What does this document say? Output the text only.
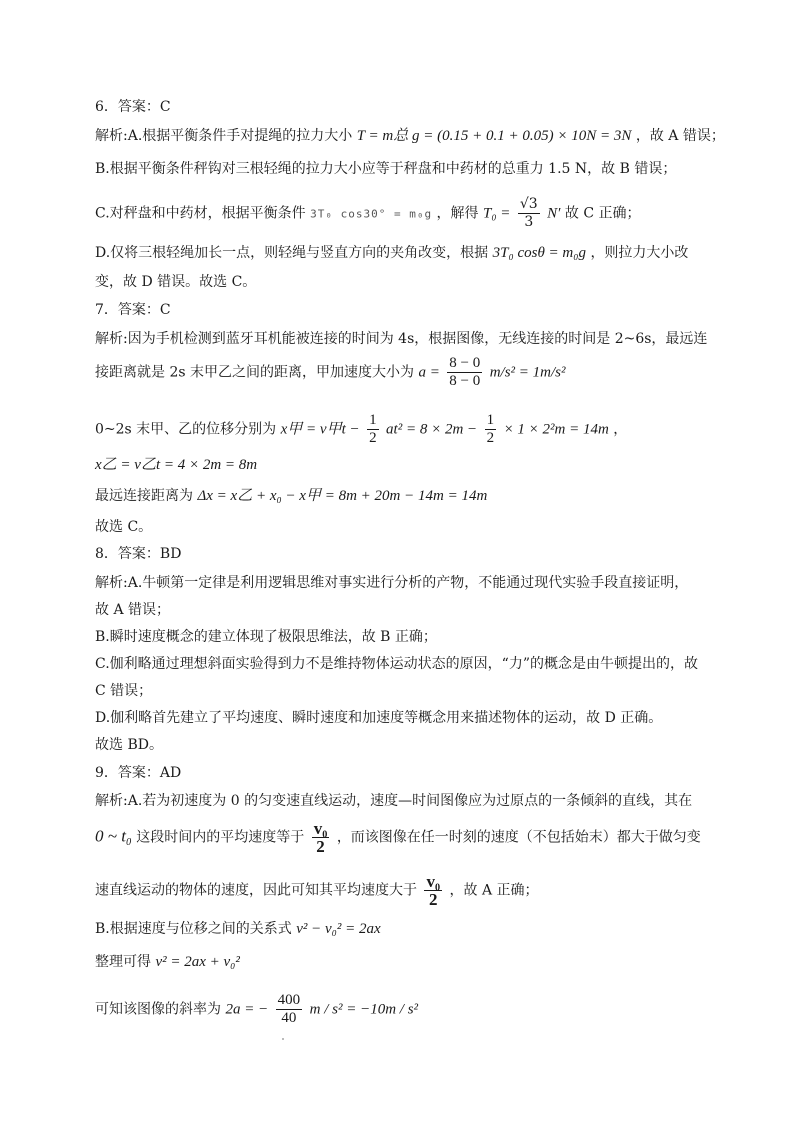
6．答案：C
解析:A.根据平衡条件手对提绳的拉力大小 T = m总 g = (0.15 + 0.1 + 0.05) × 10N = 3N ，故 A 错误；
B.根据平衡条件秤钩对三根轻绳的拉力大小应等于秤盘和中药材的总重力 1.5 N，故 B 错误；
C.对秤盘和中药材，根据平衡条件 3T₀ cos30° = m₀g ，解得 $T_0 = \frac{√3}{3} N'$ 故 C 正确；
D.仅将三根轻绳加长一点，则轻绳与竖直方向的夹角改变，根据 3T₀ cosθ = m₀g ，则拉力大小改
变，故 D 错误。故选 C。
7．答案：C
解析:因为手机检测到蓝牙耳机能被连接的时间为 4s，根据图像，无线连接的时间是 2~6s，最远连
接距离就是 2s 末甲乙之间的距离，甲加速度大小为 $a = \frac{8 - 0}{8 - 0} m/s^2 = 1m/s^2$
0~2s 末甲、乙的位移分别为 x甲 = v甲$t - \frac{1}{2} at^2 = 8 \times 2m - \frac{1}{2} \times 1 \times 2^2m = 14m$ ，
x乙 = v乙t = 4 × 2m = 8m
最远连接距离为 Δx = x乙 + x₀ − x甲 = 8m + 20m − 14m = 14m
故选 C。
8．答案：BD
解析:A.牛顿第一定律是利用逻辑思维对事实进行分析的产物，不能通过现代实验手段直接证明，
故 A 错误；
B.瞬时速度概念的建立体现了极限思维法，故 B 正确；
C.伽利略通过理想斜面实验得到力不是维持物体运动状态的原因，“力”的概念是由牛顿提出的，故
C 错误；
D.伽利略首先建立了平均速度、瞬时速度和加速度等概念用来描述物体的运动，故 D 正确。
故选 BD。
9．答案：AD
解析:A.若为初速度为 0 的匀变速直线运动，速度—时间图像应为过原点的一条倾斜的直线，其在
0 ~ t₀ 这段时间内的平均速度等于 $\frac{\text{v₀}}{2}$ ，而该图像在任一时刻的速度（不包括始末）都大于做匀变
速直线运动的物体的速度，因此可知其平均速度大于 $\frac{\text{v₀}}{2}$ ，故 A 正确；
B.根据速度与位移之间的关系式 v² − v₀² = 2ax
整理可得 v² = 2ax + v₀²
可知该图像的斜率为 2a = − $\frac{400}{40}$ m / s² = −10m / s²
